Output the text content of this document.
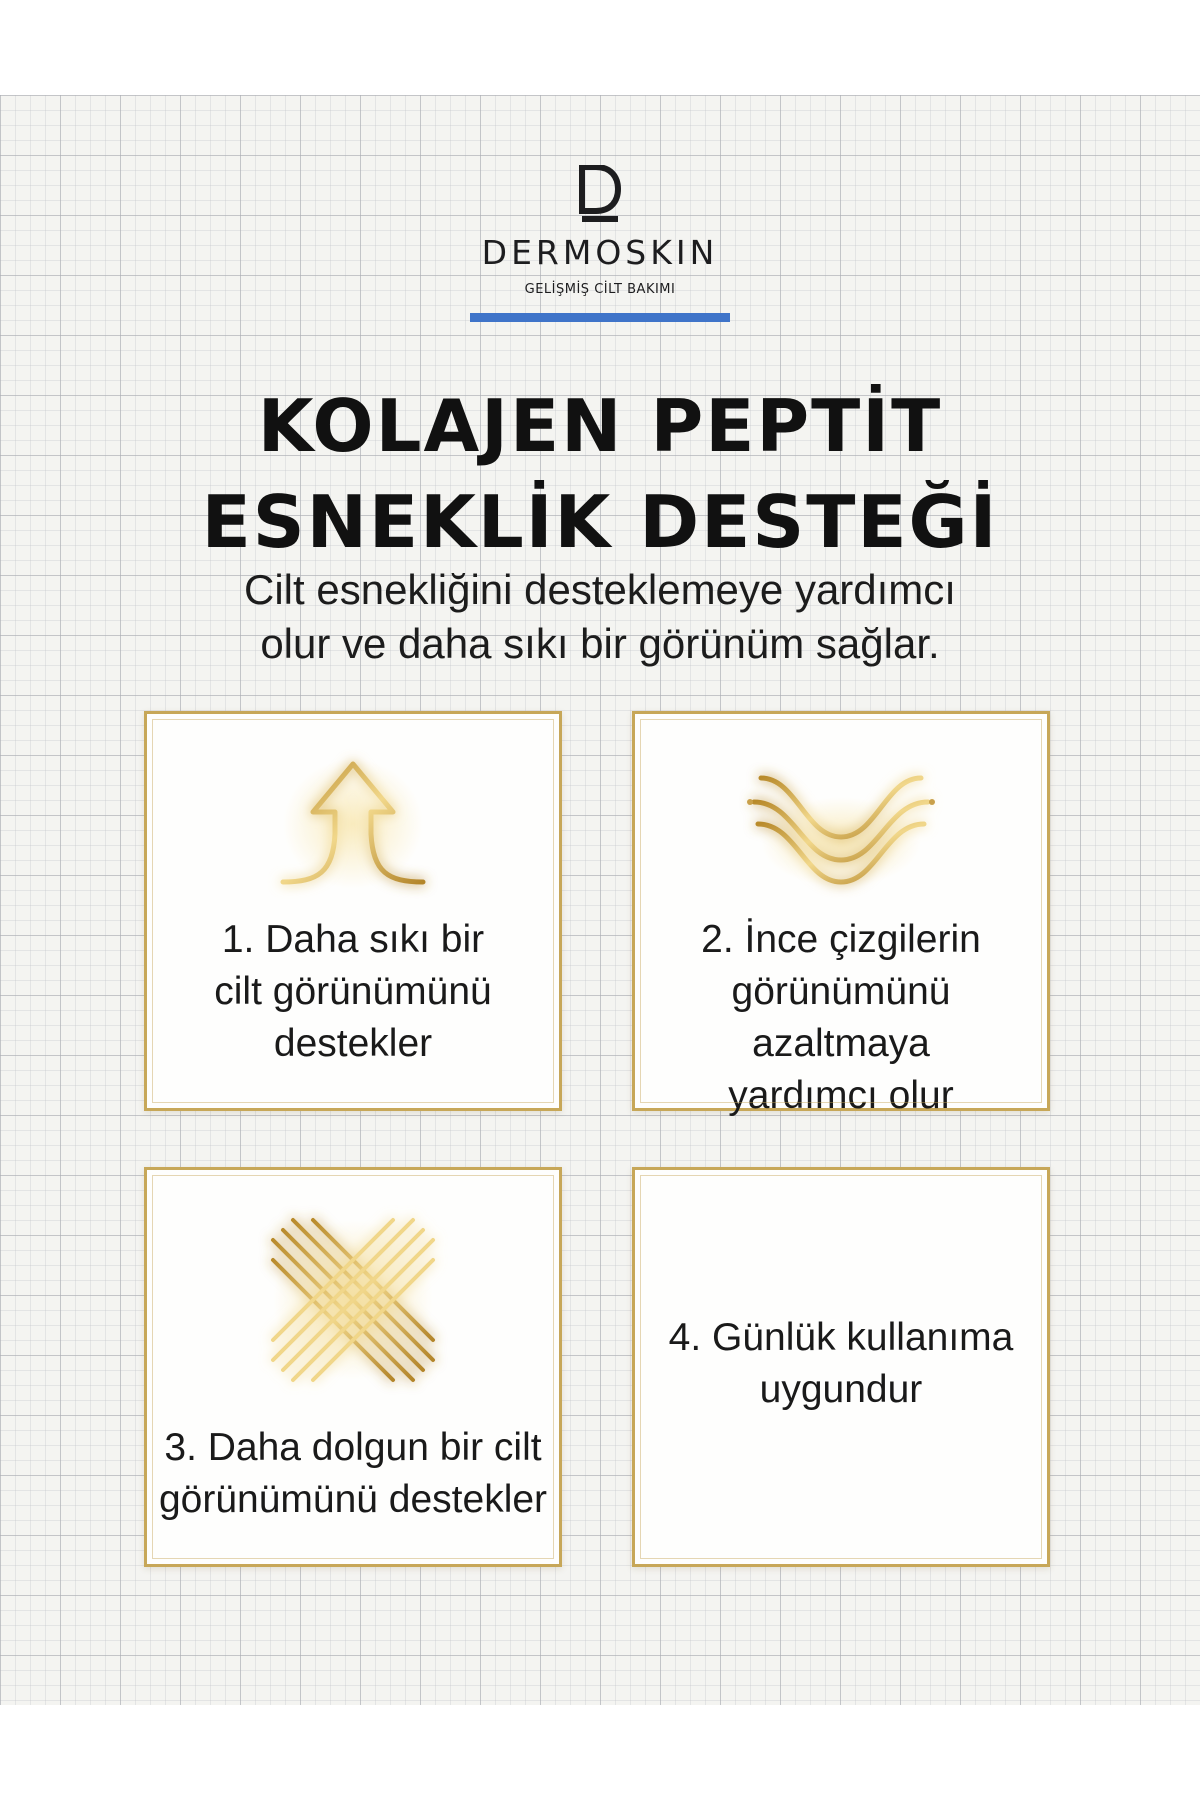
DERMOSKIN
GELİŞMİŞ CİLT BAKIMI
KOLAJEN PEPTİT
ESNEKLİK DESTEĞİ
Cilt esnekliğini desteklemeye yardımcı
olur ve daha sıkı bir görünüm sağlar.
1. Daha sıkı bir
cilt görünümünü
destekler
2. İnce çizgilerin
görünümünü azaltmaya
yardımcı olur
3. Daha dolgun bir cilt
görünümünü destekler
4. Günlük kullanıma
uygundur
